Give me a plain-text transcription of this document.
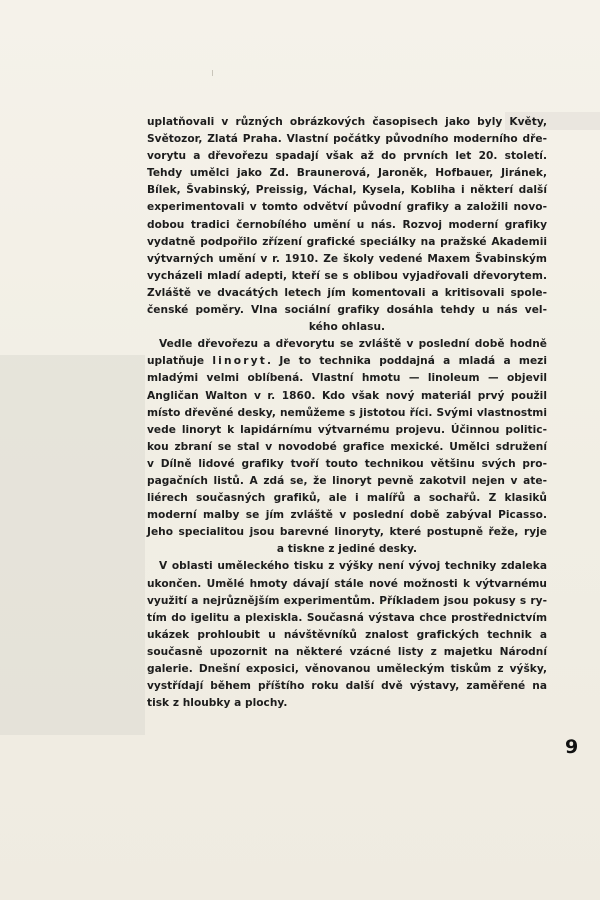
uplatňovali v různých obrázkových časopisech jako byly Květy,
Světozor, Zlatá Praha. Vlastní počátky původního moderního dře-
vorytu a dřevořezu spadají však až do prvních let 20. století.
Tehdy umělci jako Zd. Braunerová, Jaroněk, Hofbauer, Jiránek,
Bílek, Švabinský, Preissig, Váchal, Kysela, Kobliha i některí další
experimentovali v tomto odvětví původní grafiky a založili novo-
dobou tradici černobílého umění u nás. Rozvoj moderní grafiky
vydatně podpořilo zřízení grafické speciálky na pražské Akademii
výtvarných umění v r. 1910. Ze školy vedené Maxem Švabinským
vycházeli mladí adepti, kteří se s oblibou vyjadřovali dřevorytem.
Zvláště ve dvacátých letech jím komentovali a kritisovali spole-
čenské poměry. Vlna sociální grafiky dosáhla tehdy u nás vel-
kého ohlasu.
Vedle dřevořezu a dřevorytu se zvláště v poslední době hodně
uplatňuje linoryt. Je to technika poddajná a mladá a mezi
mladými velmi oblíbená. Vlastní hmotu — linoleum — objevil
Angličan Walton v r. 1860. Kdo však nový materiál prvý použil
místo dřevěné desky, nemůžeme s jistotou říci. Svými vlastnostmi
vede linoryt k lapidárnímu výtvarnému projevu. Účinnou politic-
kou zbraní se stal v novodobé grafice mexické. Umělci sdružení
v Dílně lidové grafiky tvoří touto technikou většinu svých pro-
pagačních listů. A zdá se, že linoryt pevně zakotvil nejen v ate-
liérech současných grafiků, ale i malířů a sochařů. Z klasiků
moderní malby se jím zvláště v poslední době zabýval Picasso.
Jeho specialitou jsou barevné linoryty, které postupně řeže, ryje
a tiskne z jediné desky.
V oblasti uměleckého tisku z výšky není vývoj techniky zdaleka
ukončen. Umělé hmoty dávají stále nové možnosti k výtvarnému
využití a nejrůznějším experimentům. Příkladem jsou pokusy s ry-
tím do igelitu a plexiskla. Současná výstava chce prostřednictvím
ukázek prohloubit u návštěvníků znalost grafických technik a
současně upozornit na některé vzácné listy z majetku Národní
galerie. Dnešní exposici, věnovanou uměleckým tiskům z výšky,
vystřídají během příštího roku další dvě výstavy, zaměřené na
tisk z hloubky a plochy.
9
